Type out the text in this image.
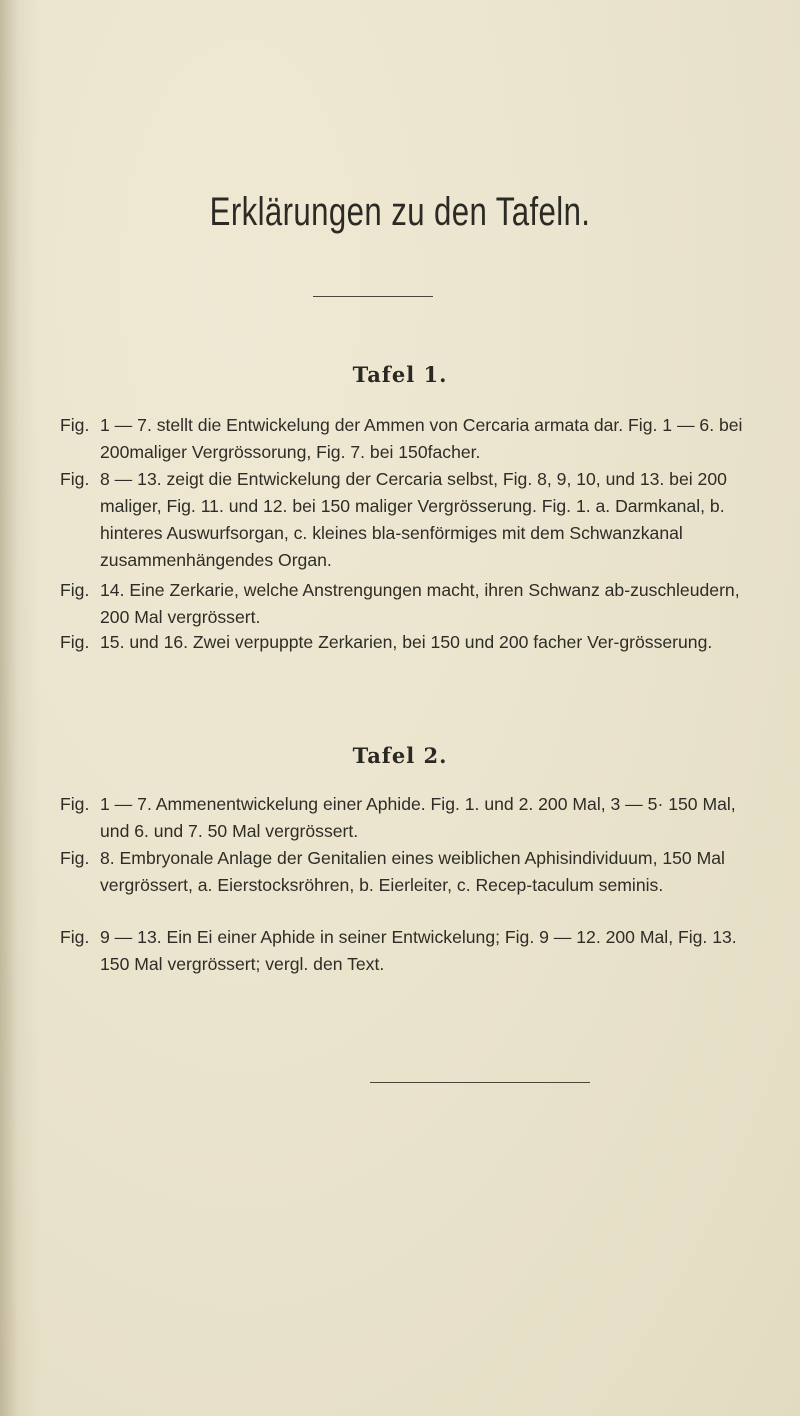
Erklärungen zu den Tafeln.
Tafel 1.
Fig. 1 — 7. stellt die Entwickelung der Ammen von Cercaria armata dar. Fig. 1 — 6. bei 200maliger Vergrössorung, Fig. 7. bei 150facher.
Fig. 8 — 13. zeigt die Entwickelung der Cercaria selbst, Fig. 8, 9, 10, und 13. bei 200 maliger, Fig. 11. und 12. bei 150 maliger Vergrösserung. Fig. 1. a. Darmkanal, b. hinteres Auswurfsorgan, c. kleines bla-senförmiges mit dem Schwanzkanal zusammenhängendes Organ.
Fig. 14. Eine Zerkarie, welche Anstrengungen macht, ihren Schwanz ab-zuschleudern, 200 Mal vergrössert.
Fig. 15. und 16. Zwei verpuppte Zerkarien, bei 150 und 200 facher Ver-grösserung.
Tafel 2.
Fig. 1 — 7. Ammenentwickelung einer Aphide. Fig. 1. und 2. 200 Mal, 3 — 5· 150 Mal, und 6. und 7. 50 Mal vergrössert.
Fig. 8. Embryonale Anlage der Genitalien eines weiblichen Aphisindividuum, 150 Mal vergrössert, a. Eierstocksröhren, b. Eierleiter, c. Recep-taculum seminis.
Fig. 9 — 13. Ein Ei einer Aphide in seiner Entwickelung; Fig. 9 — 12. 200 Mal, Fig. 13. 150 Mal vergrössert; vergl. den Text.
